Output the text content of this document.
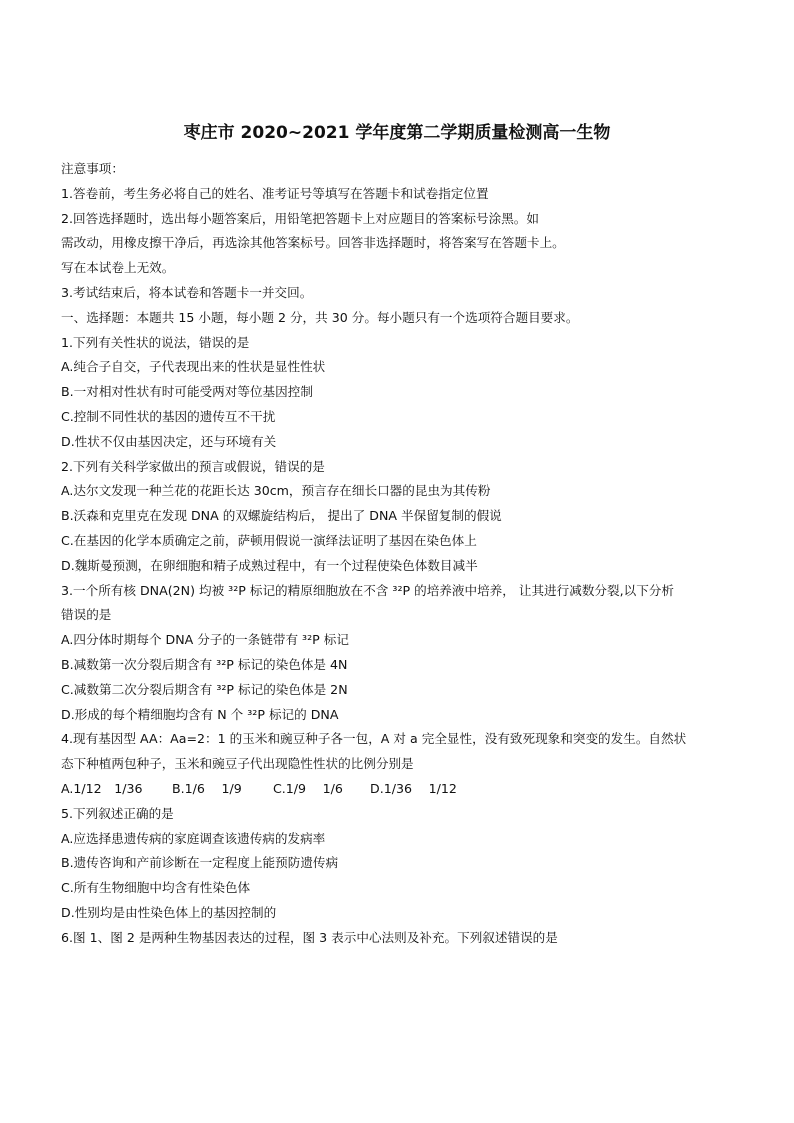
枣庄市 2020~2021 学年度第二学期质量检测高一生物
注意事项：
1.答卷前，考生务必将自己的姓名、准考证号等填写在答题卡和试卷指定位置
2.回答选择题时，选出每小题答案后，用铅笔把答题卡上对应题目的答案标号涂黑。如
需改动，用橡皮擦干净后，再选涂其他答案标号。回答非选择题时，将答案写在答题卡上。
写在本试卷上无效。
3.考试结束后，将本试卷和答题卡一并交回。
一、选择题：本题共 15 小题，每小题 2 分，共 30 分。每小题只有一个选项符合题目要求。
1.下列有关性状的说法，错误的是
A.纯合子自交，子代表现出来的性状是显性性状
B.一对相对性状有时可能受两对等位基因控制
C.控制不同性状的基因的遗传互不干扰
D.性状不仅由基因决定，还与环境有关
2.下列有关科学家做出的预言或假说，错误的是
A.达尔文发现一种兰花的花距长达 30cm，预言存在细长口器的昆虫为其传粉
B.沃森和克里克在发现 DNA 的双螺旋结构后， 提出了 DNA 半保留复制的假说
C.在基因的化学本质确定之前，萨顿用假说一演绎法证明了基因在染色体上
D.魏斯曼预测，在卵细胞和精子成熟过程中，有一个过程使染色体数目减半
3.一个所有核 DNA(2N) 均被 ³²P 标记的精原细胞放在不含 ³²P 的培养液中培养， 让其进行减数分裂,以下分析
错误的是
A.四分体时期每个 DNA 分子的一条链带有 ³²P 标记
B.减数第一次分裂后期含有 ³²P 标记的染色体是 4N
C.减数第二次分裂后期含有 ³²P 标记的染色体是 2N
D.形成的每个精细胞均含有 N 个 ³²P 标记的 DNA
4.现有基因型 AA：Aa=2：1 的玉米和豌豆种子各一包，A 对 a 完全显性，没有致死现象和突变的发生。自然状
态下种植两包种子，玉米和豌豆子代出现隐性性状的比例分别是
A.1/12　1/36 B.1/6　 1/9 C.1/9　 1/6 D.1/36　 1/12
5.下列叙述正确的是
A.应选择患遗传病的家庭调查该遗传病的发病率
B.遗传咨询和产前诊断在一定程度上能预防遗传病
C.所有生物细胞中均含有性染色体
D.性别均是由性染色体上的基因控制的
6.图 1、图 2 是两种生物基因表达的过程，图 3 表示中心法则及补充。下列叙述错误的是
